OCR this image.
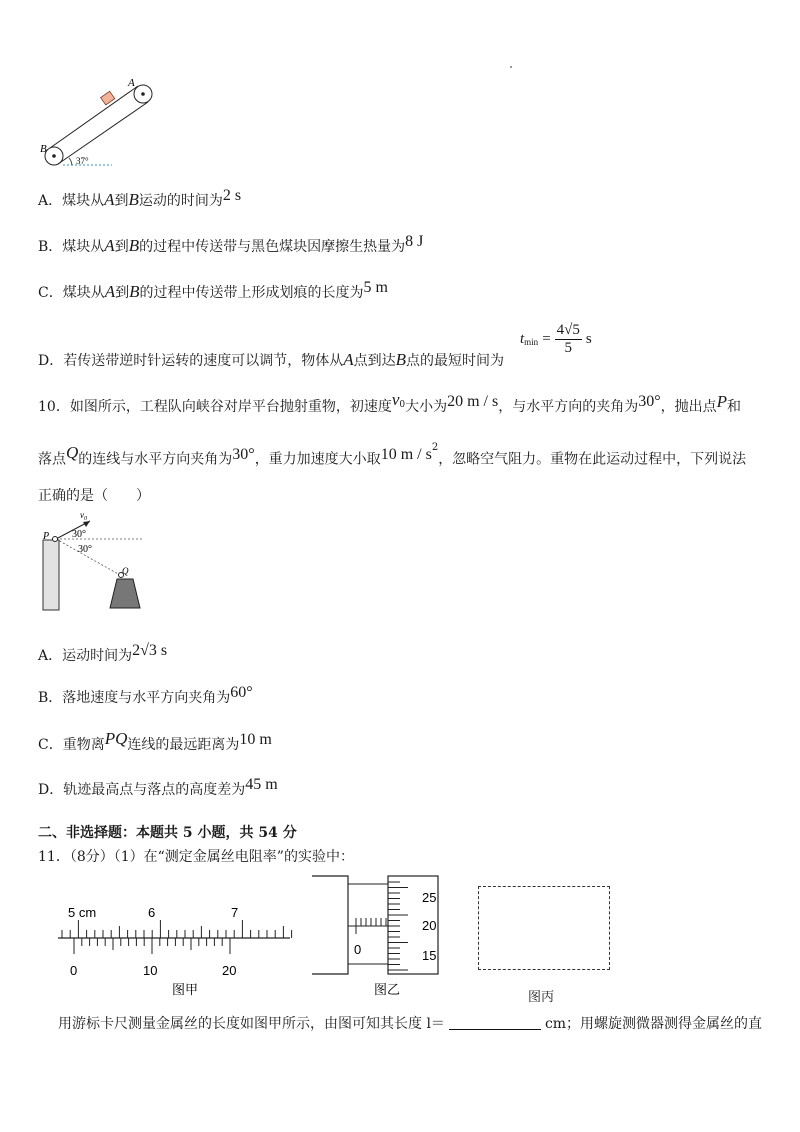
A
B
37°
A．煤块从A到B运动的时间为2 s
B．煤块从A到B的过程中传送带与黑色煤块因摩擦生热量为8 J
C．煤块从A到B的过程中传送带上形成划痕的长度为5 m
D．若传送带逆时针运转的速度可以调节，物体从A点到达B点的最短时间为
$tmin = \frac{4√5}{5}$ s
10．如图所示，工程队向峡谷对岸平台抛射重物，初速度$v^0$大小为20 m / s，与水平方向的夹角为30°，抛出点P和
落点Q的连线与水平方向夹角为30°，重力加速度大小取10 m / $s^2$，忽略空气阻力。重物在此运动过程中，下列说法
正确的是（　　）
$v_0$
P
Q
30°
30°
A．运动时间为2√3 s
B．落地速度与水平方向夹角为60°
C．重物离PQ连线的最远距离为10 m
D．轨迹最高点与落点的高度差为45 m
二、非选择题：本题共 5 小题，共 54 分
11．（8分）（1）在“测定金属丝电阻率”的实验中：
5 cm	6	7
0	10	20
图甲
25
20
15
0
图乙	图丙
用游标卡尺测量金属丝的长度如图甲所示，由图可知其长度 l＝	cm；用螺旋测微器测得金属丝的直
